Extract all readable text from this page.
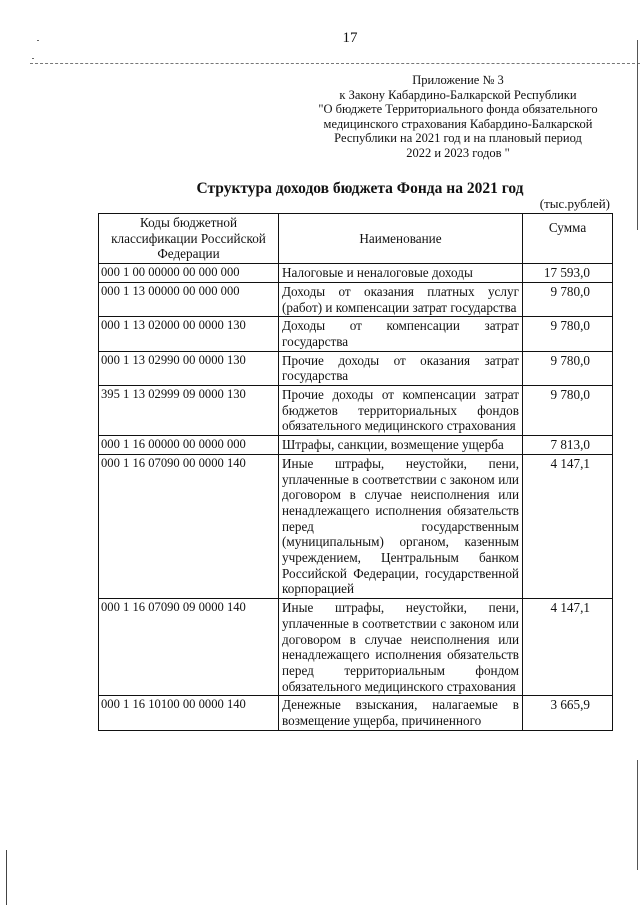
17
Приложение № 3
к Закону Кабардино-Балкарской Республики
"О бюджете Территориального фонда обязательного
медицинского страхования Кабардино-Балкарской
Республики на 2021 год и на плановый период
2022 и 2023 годов "
Структура доходов бюджета Фонда на 2021 год
(тыс.рублей)
Коды бюджетной классификации Российской Федерации	Наименование	Сумма
000 1 00 00000 00 000 000	Налоговые и неналоговые доходы	17 593,0
000 1 13 00000 00 000 000	Доходы от оказания платных услуг (работ) и компенсации затрат государства	9 780,0
000 1 13 02000 00 0000 130	Доходы от компенсации затрат государства	9 780,0
000 1 13 02990 00 0000 130	Прочие доходы от оказания затрат государства	9 780,0
395 1 13 02999 09 0000 130	Прочие доходы от компенсации затрат бюджетов территориальных фондов обязательного медицинского страхования	9 780,0
000 1 16 00000 00 0000 000	Штрафы, санкции, возмещение ущерба	7 813,0
000 1 16 07090 00 0000 140	Иные штрафы, неустойки, пени, уплаченные в соответствии с законом или договором в случае неисполнения или ненадлежащего исполнения обязательств перед государственным (муниципальным) органом, казенным учреждением, Центральным банком Российской Федерации, государственной корпорацией	4 147,1
000 1 16 07090 09 0000 140	Иные штрафы, неустойки, пени, уплаченные в соответствии с законом или договором в случае неисполнения или ненадлежащего исполнения обязательств перед территориальным фондом обязательного медицинского страхования	4 147,1
000 1 16 10100 00 0000 140	Денежные взыскания, налагаемые в возмещение ущерба, причиненного	3 665,9
